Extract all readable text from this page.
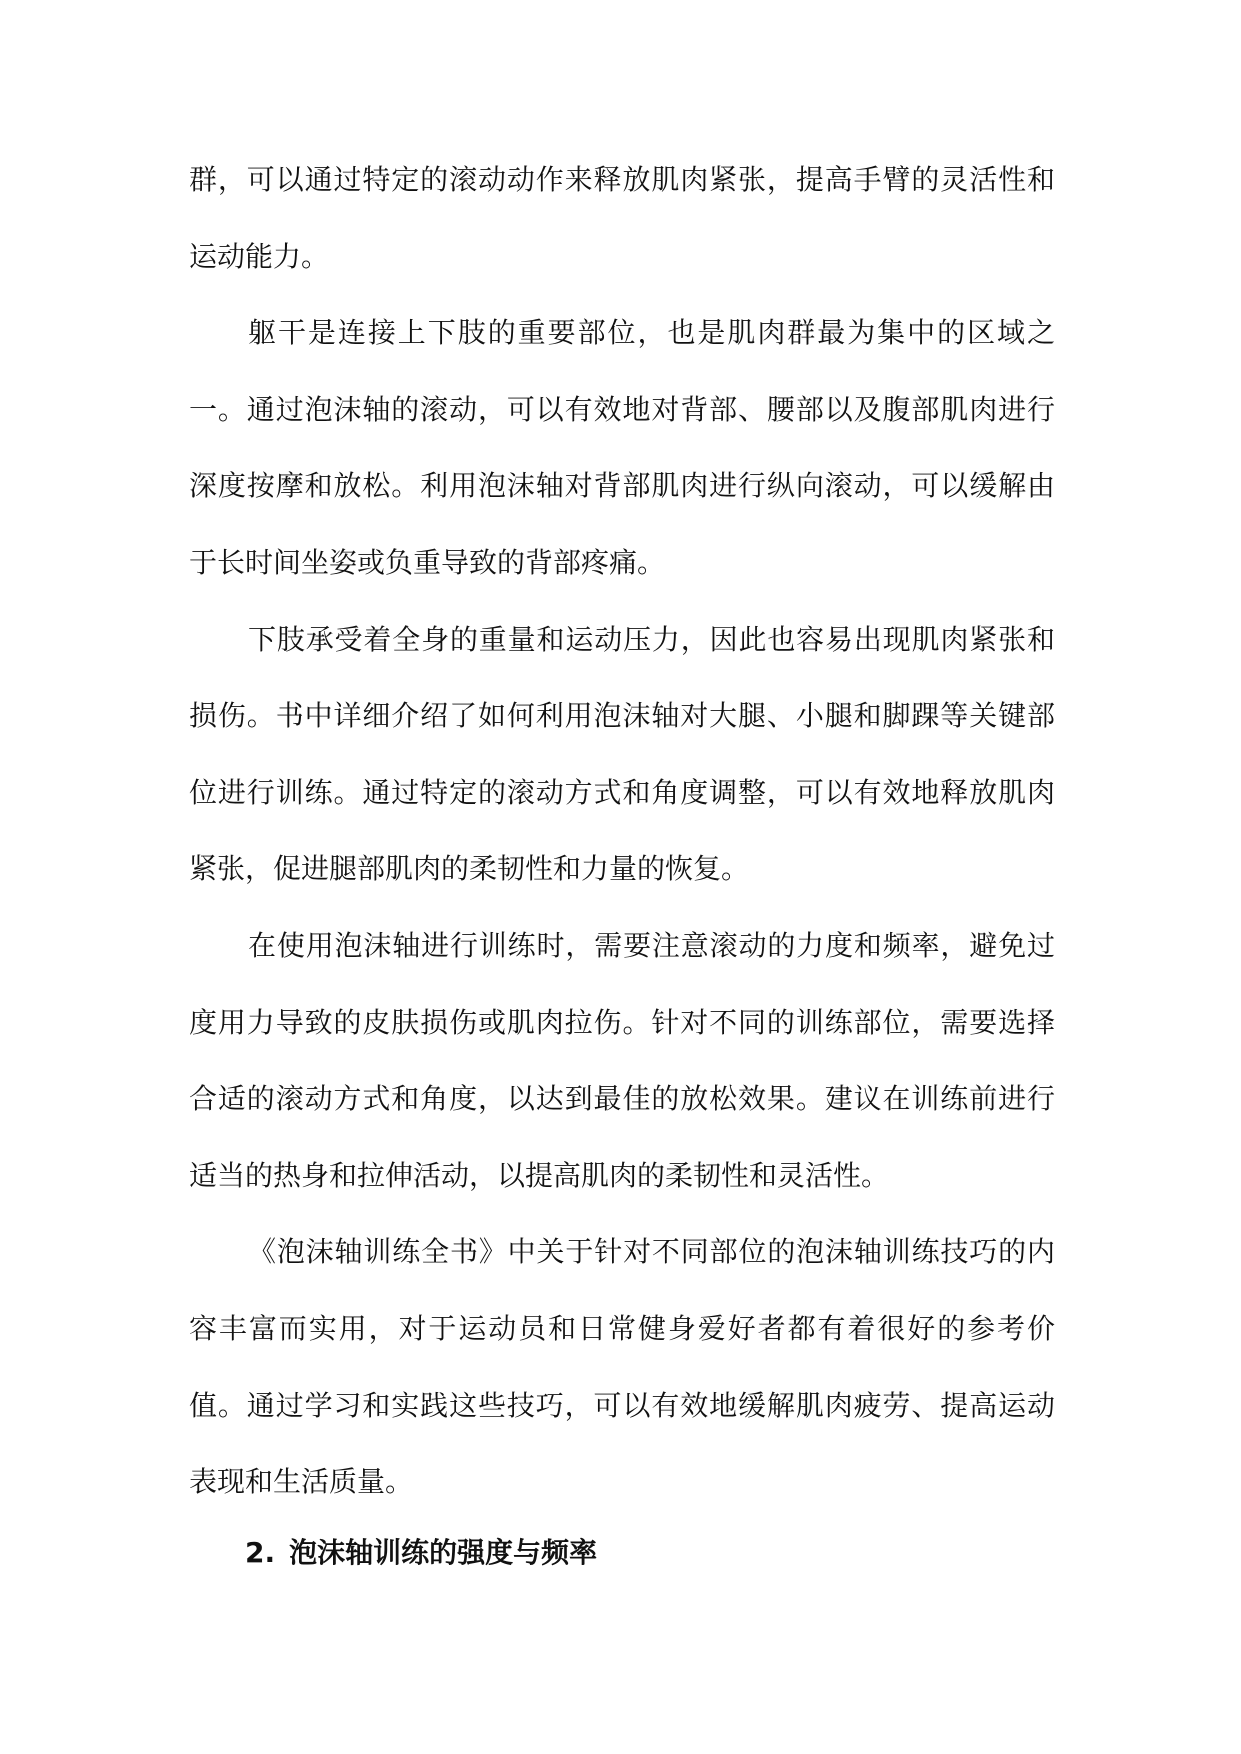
群，可以通过特定的滚动动作来释放肌肉紧张，提高手臂的灵活性和运动能力。

躯干是连接上下肢的重要部位，也是肌肉群最为集中的区域之一。通过泡沫轴的滚动，可以有效地对背部、腰部以及腹部肌肉进行深度按摩和放松。利用泡沫轴对背部肌肉进行纵向滚动，可以缓解由于长时间坐姿或负重导致的背部疼痛。

下肢承受着全身的重量和运动压力，因此也容易出现肌肉紧张和损伤。书中详细介绍了如何利用泡沫轴对大腿、小腿和脚踝等关键部位进行训练。通过特定的滚动方式和角度调整，可以有效地释放肌肉紧张，促进腿部肌肉的柔韧性和力量的恢复。

在使用泡沫轴进行训练时，需要注意滚动的力度和频率，避免过度用力导致的皮肤损伤或肌肉拉伤。针对不同的训练部位，需要选择合适的滚动方式和角度，以达到最佳的放松效果。建议在训练前进行适当的热身和拉伸活动，以提高肌肉的柔韧性和灵活性。

《泡沫轴训练全书》中关于针对不同部位的泡沫轴训练技巧的内容丰富而实用，对于运动员和日常健身爱好者都有着很好的参考价值。通过学习和实践这些技巧，可以有效地缓解肌肉疲劳、提高运动表现和生活质量。

2. 泡沫轴训练的强度与频率
